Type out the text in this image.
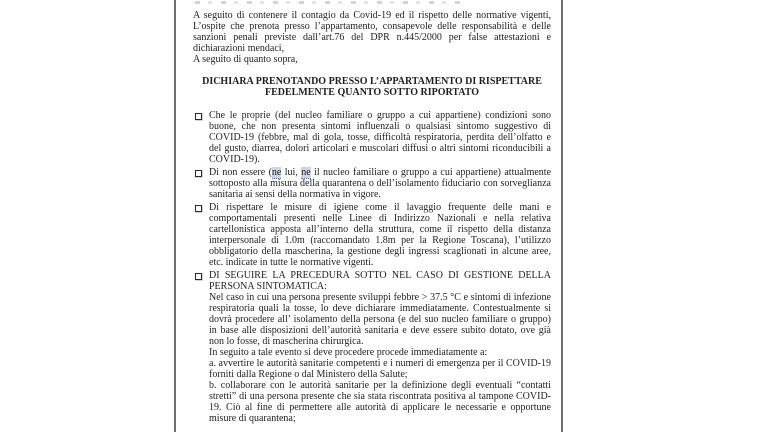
A seguito di contenere il contagio da Covid-19 ed il rispetto delle normative vigenti, L’ospite che prenota presso l’appartamento, consapevole delle responsabilità e delle sanzioni penali previste dall’art.76 del DPR n.445/2000 per false attestazioni e dichiarazioni mendaci,
A seguito di quanto sopra,

DICHIARA PRENOTANDO PRESSO L’APPARTAMENTO DI RISPETTARE FEDELMENTE QUANTO SOTTO RIPORTATO

Che le proprie (del nucleo familiare o gruppo a cui appartiene) condizioni sono buone, che non presenta sintomi influenzali o qualsiasi sintomo suggestivo di COVID-19 (febbre, mal di gola, tosse, difficoltà respiratoria, perdita dell’olfatto e del gusto, diarrea, dolori articolari e muscolari diffusi o altri sintomi riconducibili a COVID-19).
Di non essere (ne lui, ne il nucleo familiare o gruppo a cui appartiene) attualmente sottoposto alla misura della quarantena o dell’isolamento fiduciario con sorveglianza sanitaria ai sensi della normativa in vigore.
Di rispettare le misure di igiene come il lavaggio frequente delle mani e comportamentali presenti nelle Linee di Indirizzo Nazionali e nella relativa cartellonistica apposta all’interno della struttura, come il rispetto della distanza interpersonale di 1.0m (raccomandato 1.8m per la Regione Toscana), l’utilizzo obbligatorio della mascherina, la gestione degli ingressi scaglionati in alcune aree, etc. indicate in tutte le normative vigenti.
DI SEGUIRE LA PRECEDURA SOTTO NEL CASO DI GESTIONE DELLA PERSONA SINTOMATICA:
Nel caso in cui una persona presente sviluppi febbre > 37.5 °C e sintomi di infezione respiratoria quali la tosse, lo deve dichiarare immediatamente. Contestualmente si dovrà procedere all’ isolamento della persona (e del suo nucleo familiare o gruppo) in base alle disposizioni dell’autorità sanitaria e deve essere subito dotato, ove già non lo fosse, di mascherina chirurgica.
In seguito a tale evento si deve procedere procede immediatamente a:
a. avvertire le autorità sanitarie competenti e i numeri di emergenza per il COVID-19 forniti dalla Regione o dal Ministero della Salute;
b. collaborare con le autorità sanitarie per la definizione degli eventuali “contatti stretti” di una persona presente che sia stata riscontrata positiva al tampone COVID-19. Ciò al fine di permettere alle autorità di applicare le necessarie e opportune misure di quarantena;
